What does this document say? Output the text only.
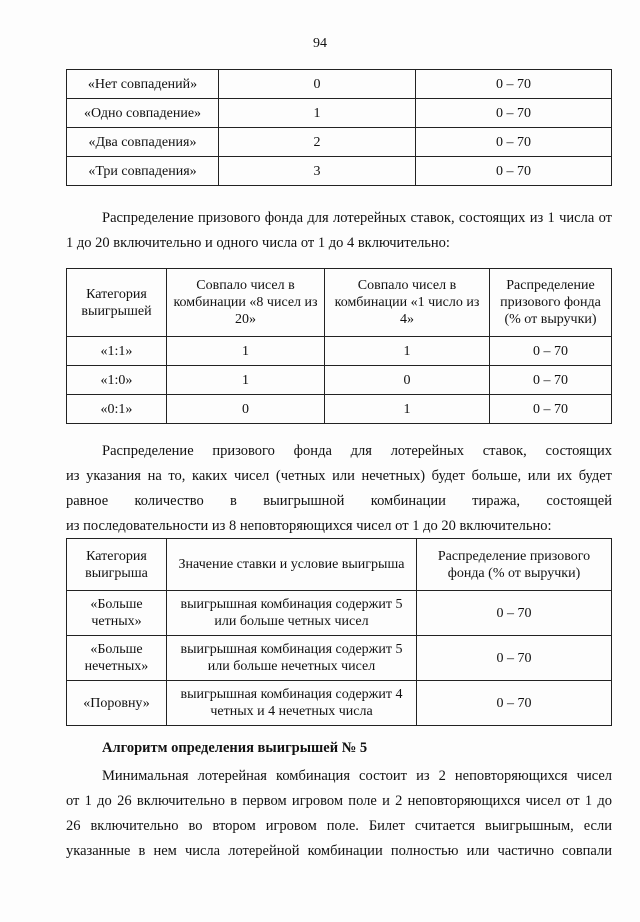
94
«Нет совпадений»	0	0 – 70
«Одно совпадение»	1	0 – 70
«Два совпадения»	2	0 – 70
«Три совпадения»	3	0 – 70
Распределение призового фонда для лотерейных ставок, состоящих из 1 числа от 1 до 20 включительно и одного числа от 1 до 4 включительно:
Категория выигрышей	Совпало чисел в комбинации «8 чисел из 20»	Совпало чисел в комбинации «1 число из 4»	Распределение призового фонда (% от выручки)
«1:1»	1	1	0 – 70
«1:0»	1	0	0 – 70
«0:1»	0	1	0 – 70
Распределение призового фонда для лотерейных ставок, состоящих
из указания на то, каких чисел (четных или нечетных) будет больше, или их будет
равное количество в выигрышной комбинации тиража, состоящей
из последовательности из 8 неповторяющихся чисел от 1 до 20 включительно:
Категория выигрыша	Значение ставки и условие выигрыша	Распределение призового фонда (% от выручки)
«Больше четных»	выигрышная комбинация содержит 5 или больше четных чисел	0 – 70
«Больше нечетных»	выигрышная комбинация содержит 5 или больше нечетных чисел	0 – 70
«Поровну»	выигрышная комбинация содержит 4 четных и 4 нечетных числа	0 – 70
Алгоритм определения выигрышей № 5
Минимальная лотерейная комбинация состоит из 2 неповторяющихся чисел
от 1 до 26 включительно в первом игровом поле и 2 неповторяющихся чисел от 1 до
26 включительно во втором игровом поле. Билет считается выигрышным, если
указанные в нем числа лотерейной комбинации полностью или частично совпали
